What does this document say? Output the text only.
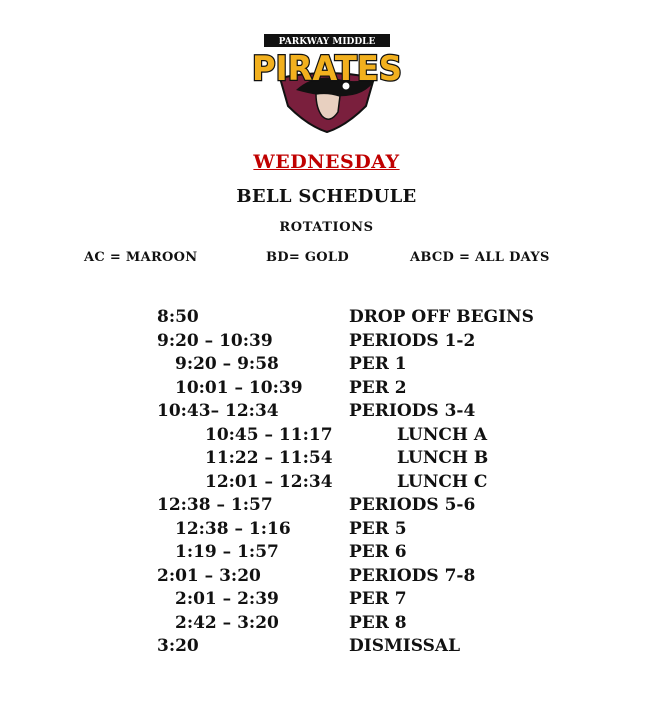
PARKWAY MIDDLE
PIRATES
WEDNESDAY
BELL SCHEDULE
ROTATIONS
AC = MAROON	BD= GOLD	ABCD = ALL DAYS
8:50	DROP OFF BEGINS
9:20 – 10:39	PERIODS 1-2
9:20 – 9:58	PER 1
10:01 – 10:39	PER 2
10:43– 12:34	PERIODS 3-4
10:45 – 11:17	LUNCH A
11:22 – 11:54	LUNCH B
12:01 – 12:34	LUNCH C
12:38 – 1:57	PERIODS 5-6
12:38 – 1:16	PER 5
1:19 – 1:57	PER 6
2:01 – 3:20	PERIODS 7-8
2:01 – 2:39	PER 7
2:42 – 3:20	PER 8
3:20	DISMISSAL
